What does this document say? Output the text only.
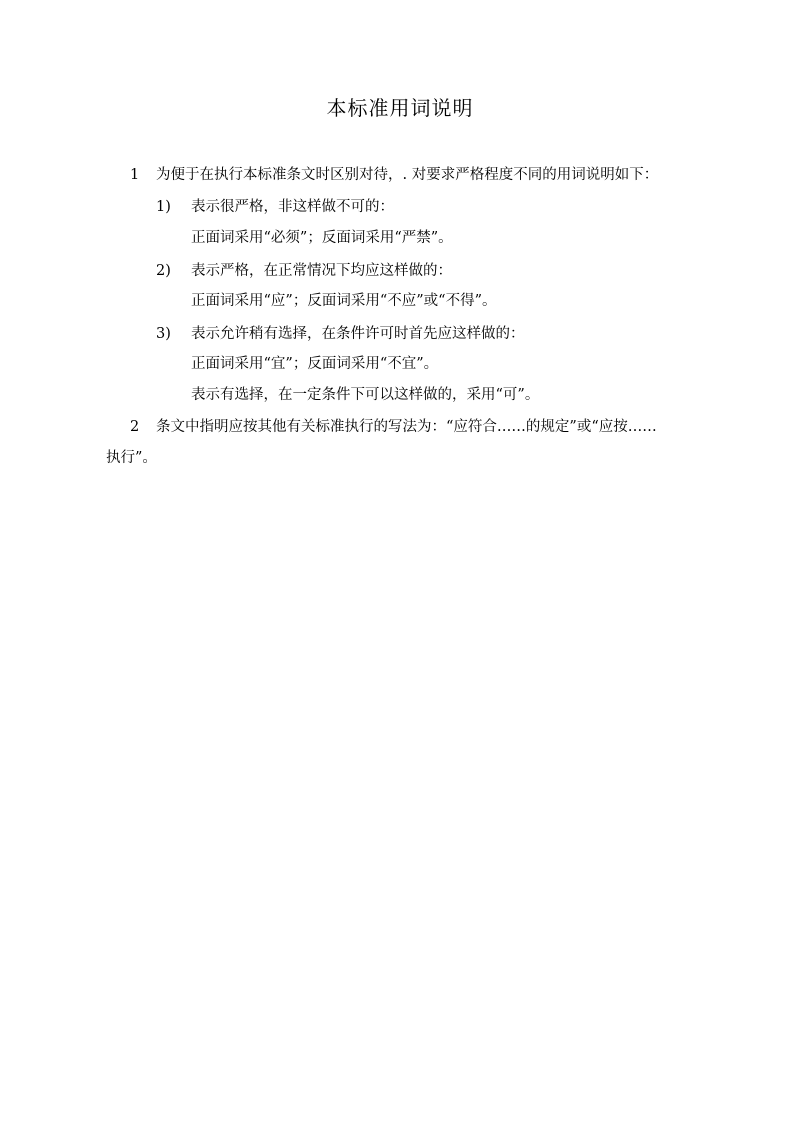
本标准用词说明
1 为便于在执行本标准条文时区别对待，. 对要求严格程度不同的用词说明如下：
1) 表示很严格，非这样做不可的：
正面词采用“必须”；反面词采用“严禁”。
2) 表示严格，在正常情况下均应这样做的：
正面词采用“应”；反面词采用“不应”或“不得”。
3) 表示允许稍有选择，在条件许可时首先应这样做的：
正面词采用“宜”；反面词采用“不宜”。
表示有选择，在一定条件下可以这样做的，采用“可”。
2 条文中指明应按其他有关标准执行的写法为：“应符合……的规定”或“应按……
执行”。
